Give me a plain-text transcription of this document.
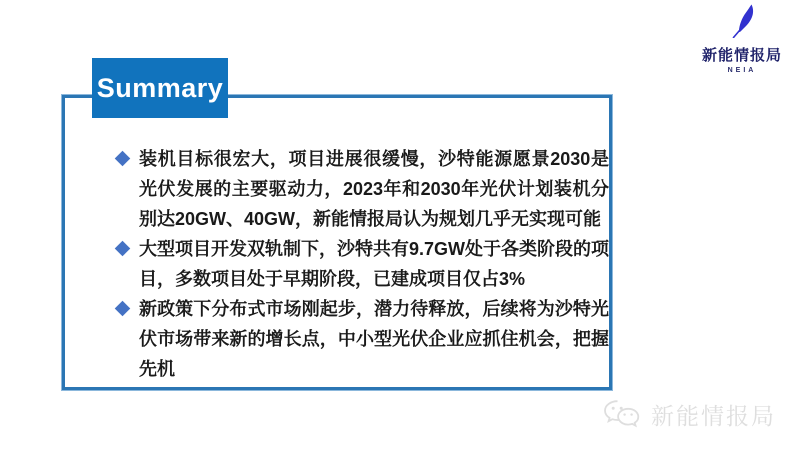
新能情报局
NEIA
装机目标很宏大，项目进展很缓慢，沙特能源愿景2030是光伏发展的主要驱动力，2023年和2030年光伏计划装机分别达20GW、40GW，新能情报局认为规划几乎无实现可能
大型项目开发双轨制下，沙特共有9.7GW处于各类阶段的项目，多数项目处于早期阶段，已建成项目仅占3%
新政策下分布式市场刚起步，潜力待释放，后续将为沙特光伏市场带来新的增长点，中小型光伏企业应抓住机会，把握先机
Summary
新能情报局
